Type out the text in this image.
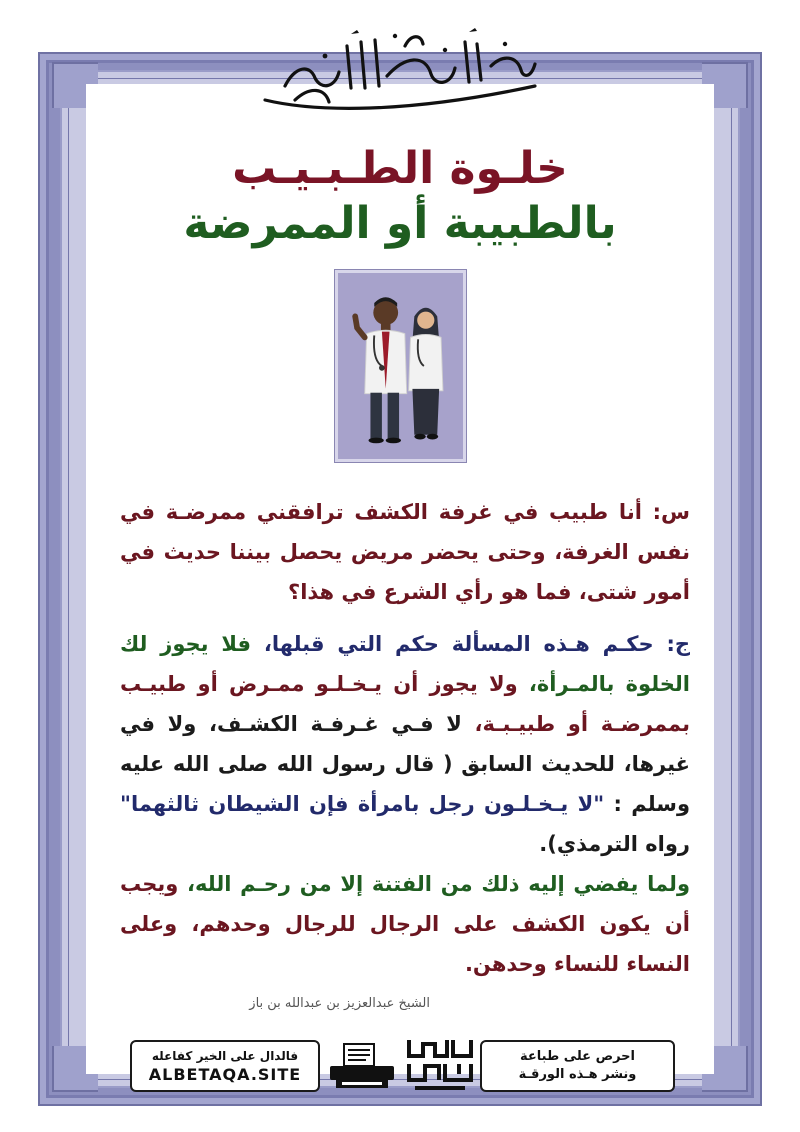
خلـوة الطـبـيـب
بالطبيبة أو الممرضة

س: أنا طبيب في غرفة الكشف ترافقني ممرضـة في نفس الغرفة، وحتى يحضر مريض يحصل بيننا حديث في أمور شتى، فما هو رأي الشرع في هذا؟

ج: حكـم هـذه المسألة حكم التي قبلها، فلا يجوز لك الخلوة بالمـرأة، ولا يجوز أن يـخـلـو ممـرض أو طبيـب بممرضـة أو طبيـبـة، لا فـي غـرفـة الكشـف، ولا في غيرها، للحديث السابق ( قال رسول الله صلى الله عليه وسلم : "لا يـخـلـون رجل بامرأة فإن الشيطان ثالثهما" رواه الترمذي).

ولما يفضي إليه ذلك من الفتنة إلا من رحـم الله، ويجب أن يكون الكشف على الرجال للرجال وحدهم، وعلى النساء للنساء وحدهن.

الشيخ عبدالعزيز بن عبدالله بن باز
فالدال على الخير كفاعله
ALBETAQA.SITE
احرص على طباعة
ونشر هـذه الورقـة
